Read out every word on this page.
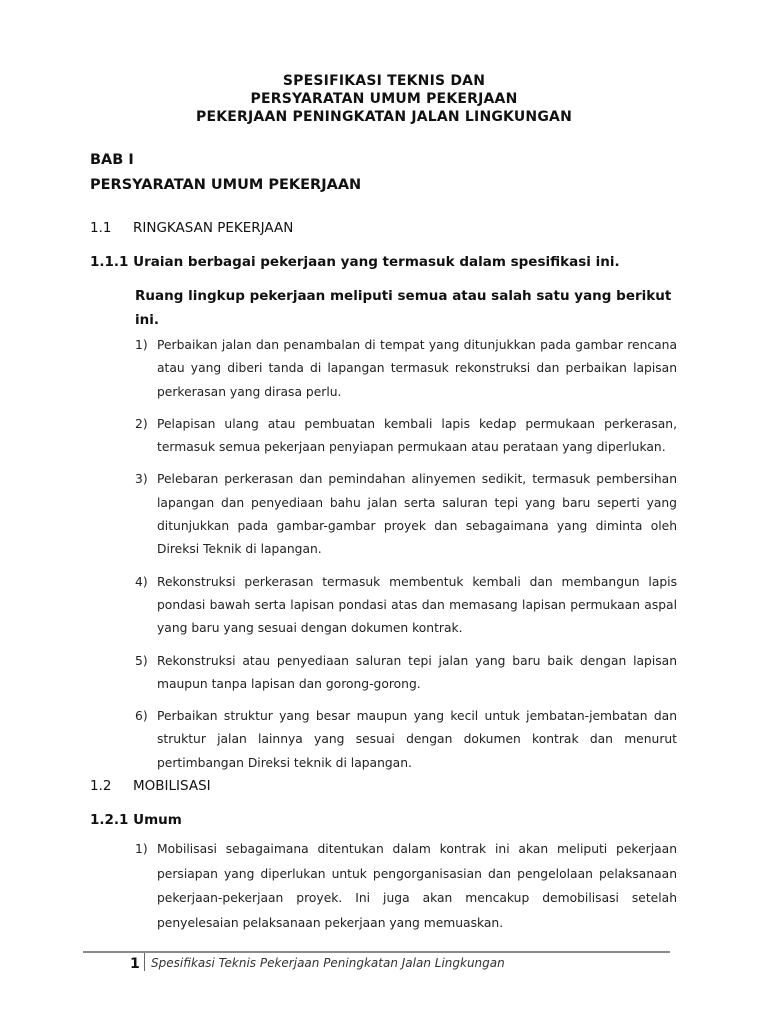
SPESIFIKASI TEKNIS DAN
PERSYARATAN UMUM PEKERJAAN
PEKERJAAN PENINGKATAN JALAN LINGKUNGAN
BAB I
PERSYARATAN UMUM PEKERJAAN
1.1 RINGKASAN PEKERJAAN
1.1.1 Uraian berbagai pekerjaan yang termasuk dalam spesifikasi ini.
Ruang lingkup pekerjaan meliputi semua atau salah satu yang berikut ini.
1) Perbaikan jalan dan penambalan di tempat yang ditunjukkan pada gambar rencana atau yang diberi tanda di lapangan termasuk rekonstruksi dan perbaikan lapisan perkerasan yang dirasa perlu.
2) Pelapisan ulang atau pembuatan kembali lapis kedap permukaan perkerasan, termasuk semua pekerjaan penyiapan permukaan atau perataan yang diperlukan.
3) Pelebaran perkerasan dan pemindahan alinyemen sedikit, termasuk pembersihan lapangan dan penyediaan bahu jalan serta saluran tepi yang baru seperti yang ditunjukkan pada gambar-gambar proyek dan sebagaimana yang diminta oleh Direksi Teknik di lapangan.
4) Rekonstruksi perkerasan termasuk membentuk kembali dan membangun lapis pondasi bawah serta lapisan pondasi atas dan memasang lapisan permukaan aspal yang baru yang sesuai dengan dokumen kontrak.
5) Rekonstruksi atau penyediaan saluran tepi jalan yang baru baik dengan lapisan maupun tanpa lapisan dan gorong-gorong.
6) Perbaikan struktur yang besar maupun yang kecil untuk jembatan-jembatan dan struktur jalan lainnya yang sesuai dengan dokumen kontrak dan menurut pertimbangan Direksi teknik di lapangan.
1.2 MOBILISASI
1.2.1 Umum
1) Mobilisasi sebagaimana ditentukan dalam kontrak ini akan meliputi pekerjaan persiapan yang diperlukan untuk pengorganisasian dan pengelolaan pelaksanaan pekerjaan-pekerjaan proyek. Ini juga akan mencakup demobilisasi setelah penyelesaian pelaksanaan pekerjaan yang memuaskan.
1 Spesifikasi Teknis Pekerjaan Peningkatan Jalan Lingkungan
